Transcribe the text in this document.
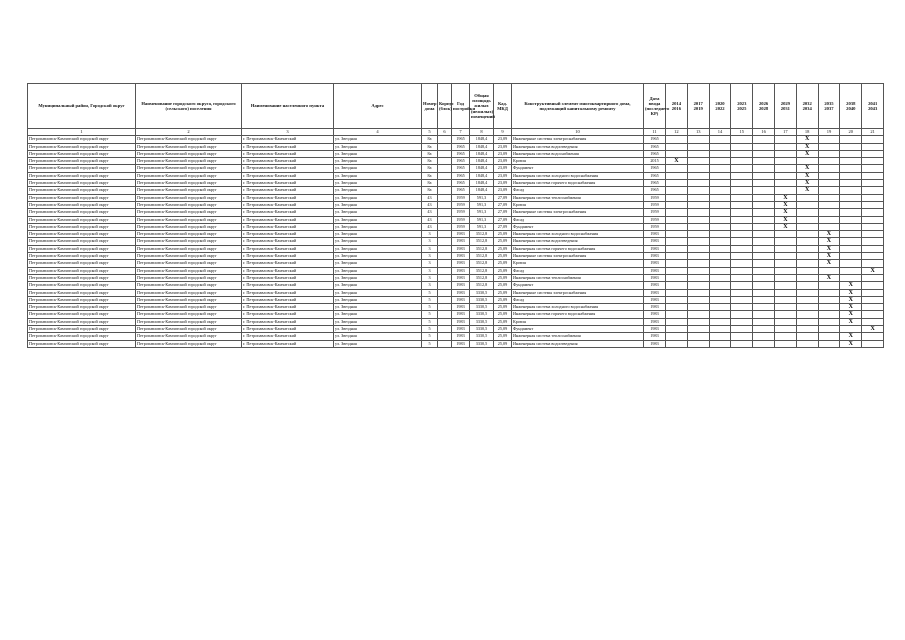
Муниципальный район, Городской округ	Наименование городского округа, городского (сельского) поселения	Наименование населенного пункта	Адрес	Номер дома	Корпус (блок)	Год постройки	Общая площадь жилых (нежилых) помещений	Кад. МКД	Конструктивный элемент многоквартирного дома, подлежащий капитальному ремонту	Дата ввода (последнего КР)	2014 2016	2017 2019	2020 2022	2023 2025	2026 2028	2029 2031	2032 2034	2035 2037	2038 2040	2041 2043
1	2	3	4	5	6	7	8	9	10	11	12	13	14	15	16	17	18	19	20	21
Петропавловск-Камчатский городской округ	Петропавловск-Камчатский городской округ	г. Петропавловск-Камчатский	ул. Звездная	8а		1965	1848,4	23,09	Инженерные системы электроснабжения	1965							X			
Петропавловск-Камчатский городской округ	Петропавловск-Камчатский городской округ	г. Петропавловск-Камчатский	ул. Звездная	8а		1965	1848,4	23,09	Инженерная система водоотведения	1965							X			
Петропавловск-Камчатский городской округ	Петропавловск-Камчатский городской округ	г. Петропавловск-Камчатский	ул. Звездная	8а		1965	1848,4	23,09	Инженерная система водоснабжения	1965							X			
Петропавловск-Камчатский городской округ	Петропавловск-Камчатский городской округ	г. Петропавловск-Камчатский	ул. Звездная	8а		1965	1848,4	23,09	Кровля	2015	X									
Петропавловск-Камчатский городской округ	Петропавловск-Камчатский городской округ	г. Петропавловск-Камчатский	ул. Звездная	8а		1965	1848,4	23,09	Фундамент	1965							X			
Петропавловск-Камчатский городской округ	Петропавловск-Камчатский городской округ	г. Петропавловск-Камчатский	ул. Звездная	8а		1965	1848,4	23,09	Инженерная система холодного водоснабжения	1965							X			
Петропавловск-Камчатский городской округ	Петропавловск-Камчатский городской округ	г. Петропавловск-Камчатский	ул. Звездная	8а		1965	1848,4	23,09	Инженерная система горячего водоснабжения	1965							X			
Петропавловск-Камчатский городской округ	Петропавловск-Камчатский городской округ	г. Петропавловск-Камчатский	ул. Звездная	8а		1965	1848,4	23,09	Фасад	1965							X			
Петропавловск-Камчатский городской округ	Петропавловск-Камчатский городской округ	г. Петропавловск-Камчатский	ул. Звездная	43		1959	591,3	27,09	Инженерная система теплоснабжения	1959						X				
Петропавловск-Камчатский городской округ	Петропавловск-Камчатский городской округ	г. Петропавловск-Камчатский	ул. Звездная	43		1959	591,3	27,09	Кровля	1959						X				
Петропавловск-Камчатский городской округ	Петропавловск-Камчатский городской округ	г. Петропавловск-Камчатский	ул. Звездная	43		1959	591,3	27,09	Инженерные системы электроснабжения	1959						X				
Петропавловск-Камчатский городской округ	Петропавловск-Камчатский городской округ	г. Петропавловск-Камчатский	ул. Звездная	43		1959	591,3	27,09	Фасад	1959						X				
Петропавловск-Камчатский городской округ	Петропавловск-Камчатский городской округ	г. Петропавловск-Камчатский	ул. Звездная	43		1959	591,3	27,09	Фундамент	1959						X				
Петропавловск-Камчатский городской округ	Петропавловск-Камчатский городской округ	г. Петропавловск-Камчатский	ул. Звездная	3		1983	3512,8	25,09	Инженерная система холодного водоснабжения	1983								X		
Петропавловск-Камчатский городской округ	Петропавловск-Камчатский городской округ	г. Петропавловск-Камчатский	ул. Звездная	3		1983	3512,8	25,09	Инженерная система водоотведения	1983								X		
Петропавловск-Камчатский городской округ	Петропавловск-Камчатский городской округ	г. Петропавловск-Камчатский	ул. Звездная	3		1983	3512,8	25,09	Инженерная система горячего водоснабжения	1983								X		
Петропавловск-Камчатский городской округ	Петропавловск-Камчатский городской округ	г. Петропавловск-Камчатский	ул. Звездная	3		1983	3512,8	25,09	Инженерные системы электроснабжения	1983								X		
Петропавловск-Камчатский городской округ	Петропавловск-Камчатский городской округ	г. Петропавловск-Камчатский	ул. Звездная	3		1983	3512,8	25,09	Кровля	1983								X		
Петропавловск-Камчатский городской округ	Петропавловск-Камчатский городской округ	г. Петропавловск-Камчатский	ул. Звездная	3		1983	3512,8	25,09	Фасад	1983										X
Петропавловск-Камчатский городской округ	Петропавловск-Камчатский городской округ	г. Петропавловск-Камчатский	ул. Звездная	3		1983	3512,8	25,09	Инженерная система теплоснабжения	1983								X		
Петропавловск-Камчатский городской округ	Петропавловск-Камчатский городской округ	г. Петропавловск-Камчатский	ул. Звездная	3		1983	3512,8	25,09	Фундамент	1983									X	
Петропавловск-Камчатский городской округ	Петропавловск-Камчатский городской округ	г. Петропавловск-Камчатский	ул. Звездная	5		1983	3330,5	25,09	Инженерные системы электроснабжения	1983									X	
Петропавловск-Камчатский городской округ	Петропавловск-Камчатский городской округ	г. Петропавловск-Камчатский	ул. Звездная	5		1983	3330,5	25,09	Фасад	1983									X	
Петропавловск-Камчатский городской округ	Петропавловск-Камчатский городской округ	г. Петропавловск-Камчатский	ул. Звездная	5		1983	3330,5	25,09	Инженерная система холодного водоснабжения	1983									X	
Петропавловск-Камчатский городской округ	Петропавловск-Камчатский городской округ	г. Петропавловск-Камчатский	ул. Звездная	5		1983	3330,5	25,09	Инженерная система горячего водоснабжения	1983									X	
Петропавловск-Камчатский городской округ	Петропавловск-Камчатский городской округ	г. Петропавловск-Камчатский	ул. Звездная	5		1983	3330,5	25,09	Кровля	1983									X	
Петропавловск-Камчатский городской округ	Петропавловск-Камчатский городской округ	г. Петропавловск-Камчатский	ул. Звездная	5		1983	3330,5	25,09	Фундамент	1983										X
Петропавловск-Камчатский городской округ	Петропавловск-Камчатский городской округ	г. Петропавловск-Камчатский	ул. Звездная	5		1983	3330,5	25,09	Инженерная система теплоснабжения	1983									X	
Петропавловск-Камчатский городской округ	Петропавловск-Камчатский городской округ	г. Петропавловск-Камчатский	ул. Звездная	5		1983	3330,5	25,09	Инженерная система водоотведения	1983									X	
